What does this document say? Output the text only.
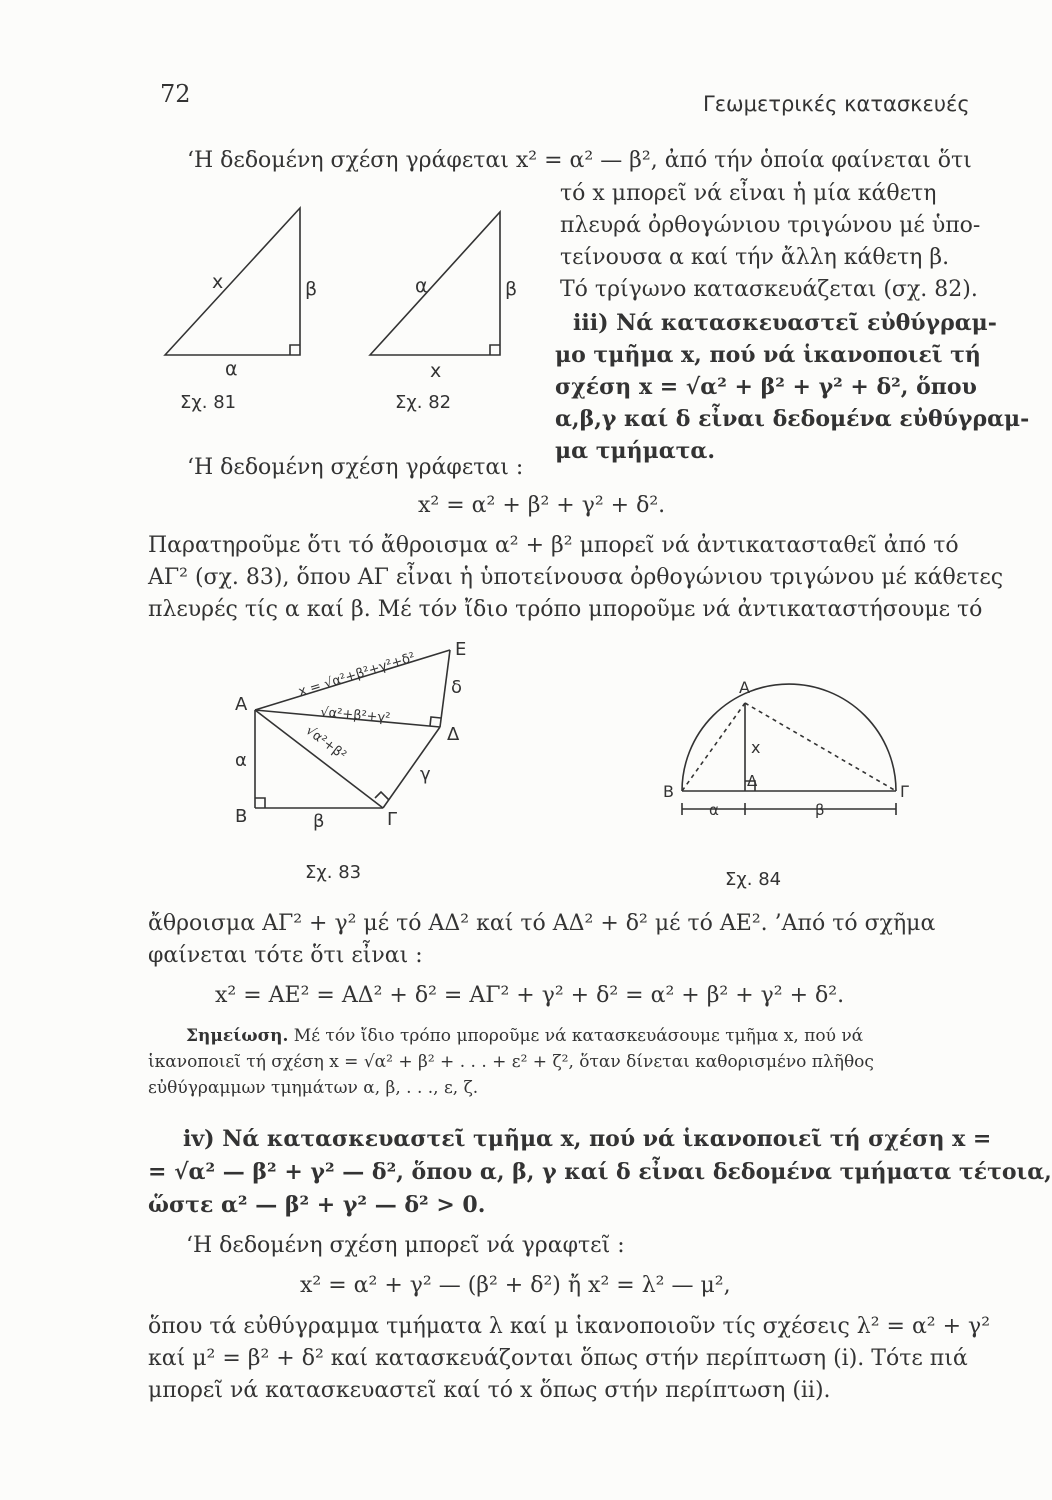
72	Γεωμετρικές κατασκευές
‘Η δεδομένη σχέση γράφεται x² = α² — β², ἀπό τήν ὁποία φαίνεται ὅτι
τό x μπορεῖ νά εἶναι ἡ μία κάθετη
πλευρά ὀρθογώνιου τριγώνου μέ ὑπο-
τείνουσα α καί τήν ἄλλη κάθετη β.
Τό τρίγωνο κατασκευάζεται (σχ. 82).
iii) Νά κατασκευαστεῖ εὐθύγραμ-
μο τμῆμα x, πού νά ἱκανοποιεῖ τή
σχέση x = √α² + β² + γ² + δ², ὅπου
α,β,γ καί δ εἶναι δεδομένα εὐθύγραμ-
μα τμήματα.
x	β
α
Σχ. 81
α	β
x
Σχ. 82
‘Η δεδομένη σχέση γράφεται :
x² = α² + β² + γ² + δ².
Παρατηροῦμε ὅτι τό ἄθροισμα α² + β² μπορεῖ νά ἀντικατασταθεῖ ἀπό τό
ΑΓ² (σχ. 83), ὅπου ΑΓ εἶναι ἡ ὑποτείνουσα ὀρθογώνιου τριγώνου μέ κάθετες
πλευρές τίς α καί β. Μέ τόν ἴδιο τρόπο μποροῦμε νά ἀντικαταστήσουμε τό
Α
Β	Γ
Δ
Ε
α
β
γ
δ
x = √α²+β²+γ²+δ²
√α²+β²+γ²
√α²+β²
Σχ. 83
Α
Β
Δ
Γ
x
α	β
Σχ. 84
ἄθροισμα ΑΓ² + γ² μέ τό ΑΔ² καί τό ΑΔ² + δ² μέ τό ΑΕ². ’Από τό σχῆμα
φαίνεται τότε ὅτι εἶναι :
x² = ΑΕ² = ΑΔ² + δ² = ΑΓ² + γ² + δ² = α² + β² + γ² + δ².
Σημείωση. Μέ τόν ἴδιο τρόπο μποροῦμε νά κατασκευάσουμε τμῆμα x, πού νά
ἱκανοποιεῖ τή σχέση x = √α² + β² + . . . + ε² + ζ², ὅταν δίνεται καθορισμένο πλῆθος
εὐθύγραμμων τμημάτων α, β, . . ., ε, ζ.
iv) Νά κατασκευαστεῖ τμῆμα x, πού νά ἱκανοποιεῖ τή σχέση x =
= √α² — β² + γ² — δ², ὅπου α, β, γ καί δ εἶναι δεδομένα τμήματα τέτοια,
ὥστε α² — β² + γ² — δ² > 0.
‘Η δεδομένη σχέση μπορεῖ νά γραφτεῖ :
x² = α² + γ² — (β² + δ²) ἤ x² = λ² — μ²,
ὅπου τά εὐθύγραμμα τμήματα λ καί μ ἱκανοποιοῦν τίς σχέσεις λ² = α² + γ²
καί μ² = β² + δ² καί κατασκευάζονται ὅπως στήν περίπτωση (i). Τότε πιά
μπορεῖ νά κατασκευαστεῖ καί τό x ὅπως στήν περίπτωση (ii).
